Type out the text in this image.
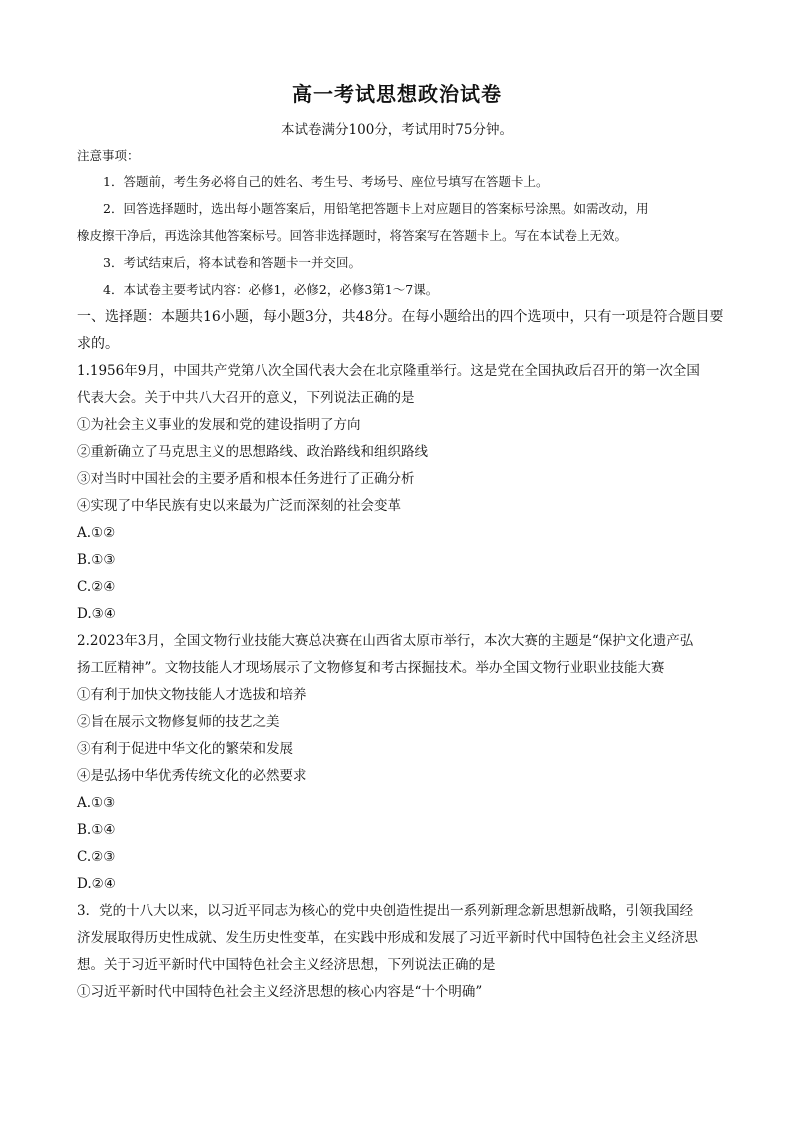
高一考试思想政治试卷
本试卷满分100分，考试用时75分钟。
注意事项：
1．答题前，考生务必将自己的姓名、考生号、考场号、座位号填写在答题卡上。
2．回答选择题时，选出每小题答案后，用铅笔把答题卡上对应题目的答案标号涂黑。如需改动，用
橡皮擦干净后，再选涂其他答案标号。回答非选择题时，将答案写在答题卡上。写在本试卷上无效。
3．考试结束后，将本试卷和答题卡一并交回。
4．本试卷主要考试内容：必修1，必修2，必修3第1～7课。
一、选择题：本题共16小题，每小题3分，共48分。在每小题给出的四个选项中，只有一项是符合题目要
求的。
1.1956年9月，中国共产党第八次全国代表大会在北京隆重举行。这是党在全国执政后召开的第一次全国
代表大会。关于中共八大召开的意义，下列说法正确的是
①为社会主义事业的发展和党的建设指明了方向
②重新确立了马克思主义的思想路线、政治路线和组织路线
③对当时中国社会的主要矛盾和根本任务进行了正确分析
④实现了中华民族有史以来最为广泛而深刻的社会变革
A.①②
B.①③
C.②④
D.③④
2.2023年3月，全国文物行业技能大赛总决赛在山西省太原市举行，本次大赛的主题是“保护文化遗产弘
扬工匠精神”。文物技能人才现场展示了文物修复和考古探掘技术。举办全国文物行业职业技能大赛
①有利于加快文物技能人才选拔和培养
②旨在展示文物修复师的技艺之美
③有利于促进中华文化的繁荣和发展
④是弘扬中华优秀传统文化的必然要求
A.①③
B.①④
C.②③
D.②④
3．党的十八大以来，以习近平同志为核心的党中央创造性提出一系列新理念新思想新战略，引领我国经
济发展取得历史性成就、发生历史性变革，在实践中形成和发展了习近平新时代中国特色社会主义经济思
想。关于习近平新时代中国特色社会主义经济思想，下列说法正确的是
①习近平新时代中国特色社会主义经济思想的核心内容是“十个明确”
